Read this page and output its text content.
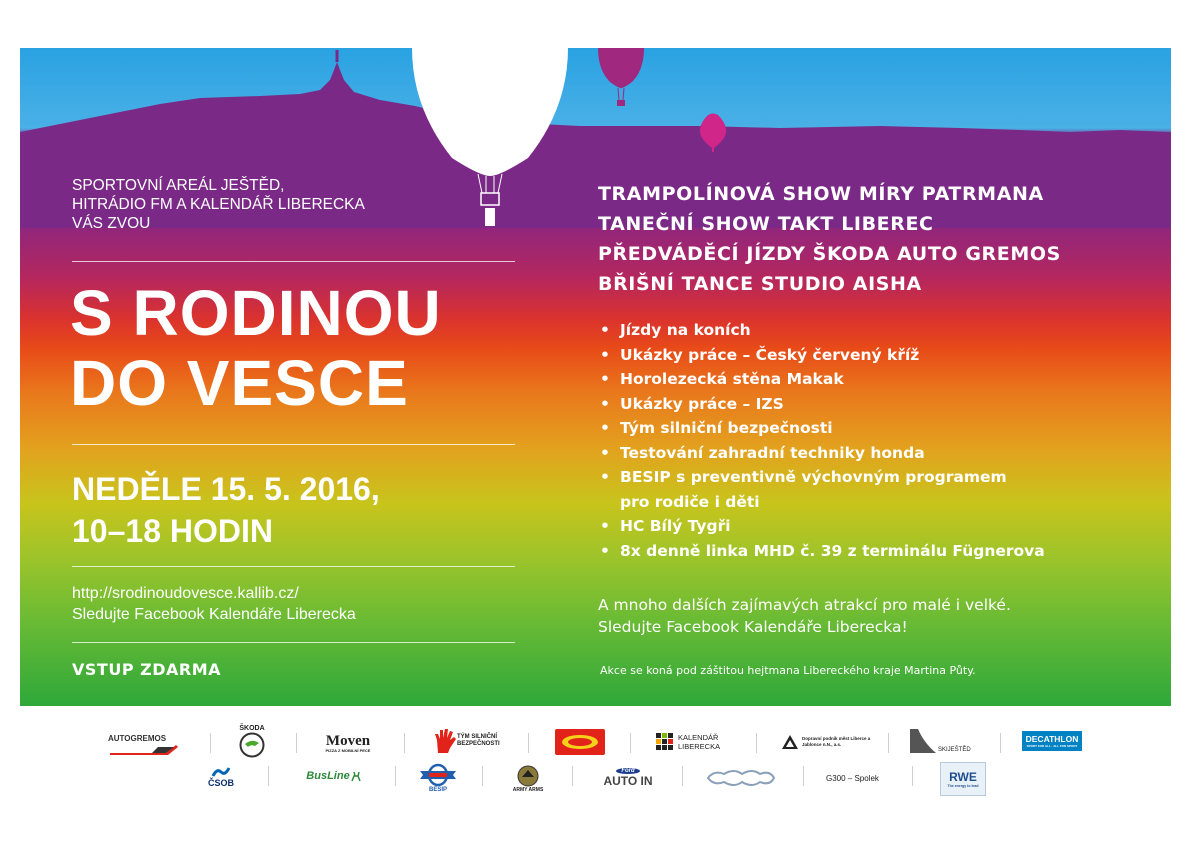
SPORTOVNÍ AREÁL JEŠTĚD,
HITRÁDIO FM A KALENDÁŘ LIBERECKA
VÁS ZVOU
S RODINOU
DO VESCE
NEDĚLE 15. 5. 2016,
10–18 HODIN
http://srodinoudovesce.kallib.cz/
Sledujte Facebook Kalendáře Liberecka
VSTUP ZDARMA
TRAMPOLÍNOVÁ SHOW MÍRY PATRMANA
TANEČNÍ SHOW TAKT LIBEREC
PŘEDVÁDĚCÍ JÍZDY ŠKODA AUTO GREMOS
BŘIŠNÍ TANCE STUDIO AISHA
• Jízdy na koních
• Ukázky práce – Český červený kříž
• Horolezecká stěna Makak
• Ukázky práce – IZS
• Tým silniční bezpečnosti
• Testování zahradní techniky honda
• BESIP s preventivně výchovným programem
pro rodiče i děti
• HC Bílý Tygři
• 8x denně linka MHD č. 39 z terminálu Fügnerova
A mnoho dalších zajímavých atrakcí pro malé i velké.
Sledujte Facebook Kalendáře Liberecka!
Akce se koná pod záštitou hejtmana Libereckého kraje Martina Půty.
AUTOGREMOS
ŠKODA
Moven
PIZZA Z MOBILNÍ PECE
TÝM SILNIČNÍ BEZPEČNOSTI
KALENDÁŘ LIBERECKA
Dopravní podnik měst Liberce a Jablonce n.N., a.s.
SKIJEŠTĚD
DECATHLON
SPORT FOR ALL · ALL FOR SPORT
ČSOB
BusLine
BESIP	ARMY ARMS
Ford
AUTO IN	G300 – Spolek	RWE
The energy to lead
